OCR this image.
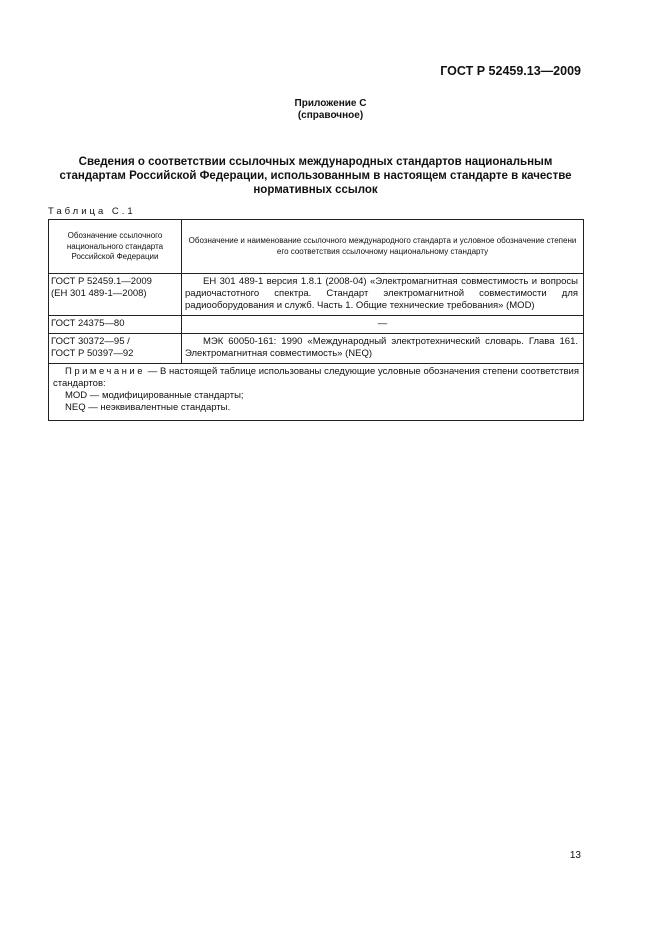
ГОСТ Р 52459.13—2009
Приложение С
(справочное)
Сведения о соответствии ссылочных международных стандартов национальным стандартам Российской Федерации, использованным в настоящем стандарте в качестве нормативных ссылок
Таблица С.1
Обозначение ссылочного национального стандарта Российской Федерации	Обозначение и наименование ссылочного международного стандарта и условное обозначение степени его соответствия ссылочному национальному стандарту

ГОСТ Р 52459.1—2009
(ЕН 301 489-1—2008)	ЕН 301 489-1 версия 1.8.1 (2008-04) «Электромагнитная совместимость и вопросы радиочастотного спектра. Стандарт электромагнитной совместимости для радиооборудования и служб. Часть 1. Общие технические требования» (MOD)

ГОСТ 24375—80	—

ГОСТ 30372—95 /
ГОСТ Р 50397—92	МЭК 60050-161: 1990 «Международный электротехнический словарь. Глава 161. Электромагнитная совместимость» (NEQ)

Примечание — В настоящей таблице использованы следующие условные обозначения степени соответствия стандартов:
MOD — модифицированные стандарты;
NEQ — неэквивалентные стандарты.	
13
